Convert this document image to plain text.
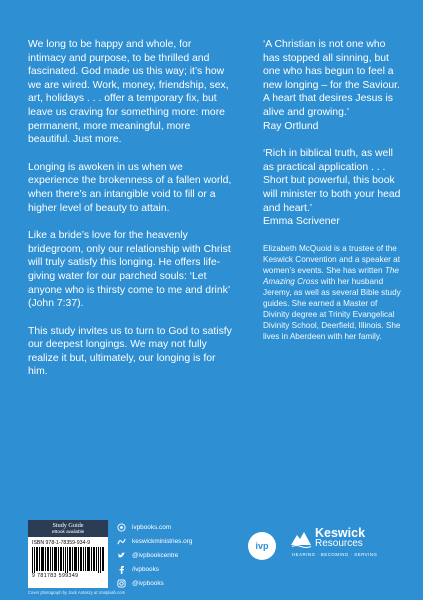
We long to be happy and whole, for intimacy and purpose, to be thrilled and fascinated. God made us this way; it’s how we are wired. Work, money, friendship, sex, art, holidays . . . offer a temporary fix, but leave us craving for something more: more permanent, more meaningful, more beautiful. Just more.

Longing is awoken in us when we experience the brokenness of a fallen world, when there’s an intangible void to fill or a higher level of beauty to attain.

Like a bride’s love for the heavenly bridegroom, only our relationship with Christ will truly satisfy this longing. He offers life-giving water for our parched souls: ‘Let anyone who is thirsty come to me and drink’ (John 7:37).

This study invites us to turn to God to satisfy our deepest longings. We may not fully realize it but, ultimately, our longing is for him.

‘A Christian is not one who has stopped all sinning, but one who has begun to feel a new longing – for the Saviour. A heart that desires Jesus is alive and growing.’
Ray Ortlund
‘Rich in biblical truth, as well as practical application . . . Short but powerful, this book will minister to both your head and heart.’
Emma Scrivener
Elizabeth McQuoid is a trustee of the Keswick Convention and a speaker at women’s events. She has written The Amazing Cross with her husband Jeremy, as well as several Bible study guides. She earned a Master of Divinity degree at Trinity Evangelical Divinity School, Deerfield, Illinois. She lives in Aberdeen with her family.
Study Guide
eBook available
ISBN 978-1-78359-934-9
9 781783 599349
ivpbooks.com
keswickministries.org
@ivpbookcentre
/ivpbooks
@ivpbooks
ivp
Keswick
Resources
HEARING · BECOMING · SERVING
Cover photograph by Jack Antoszy at Unsplash.com
